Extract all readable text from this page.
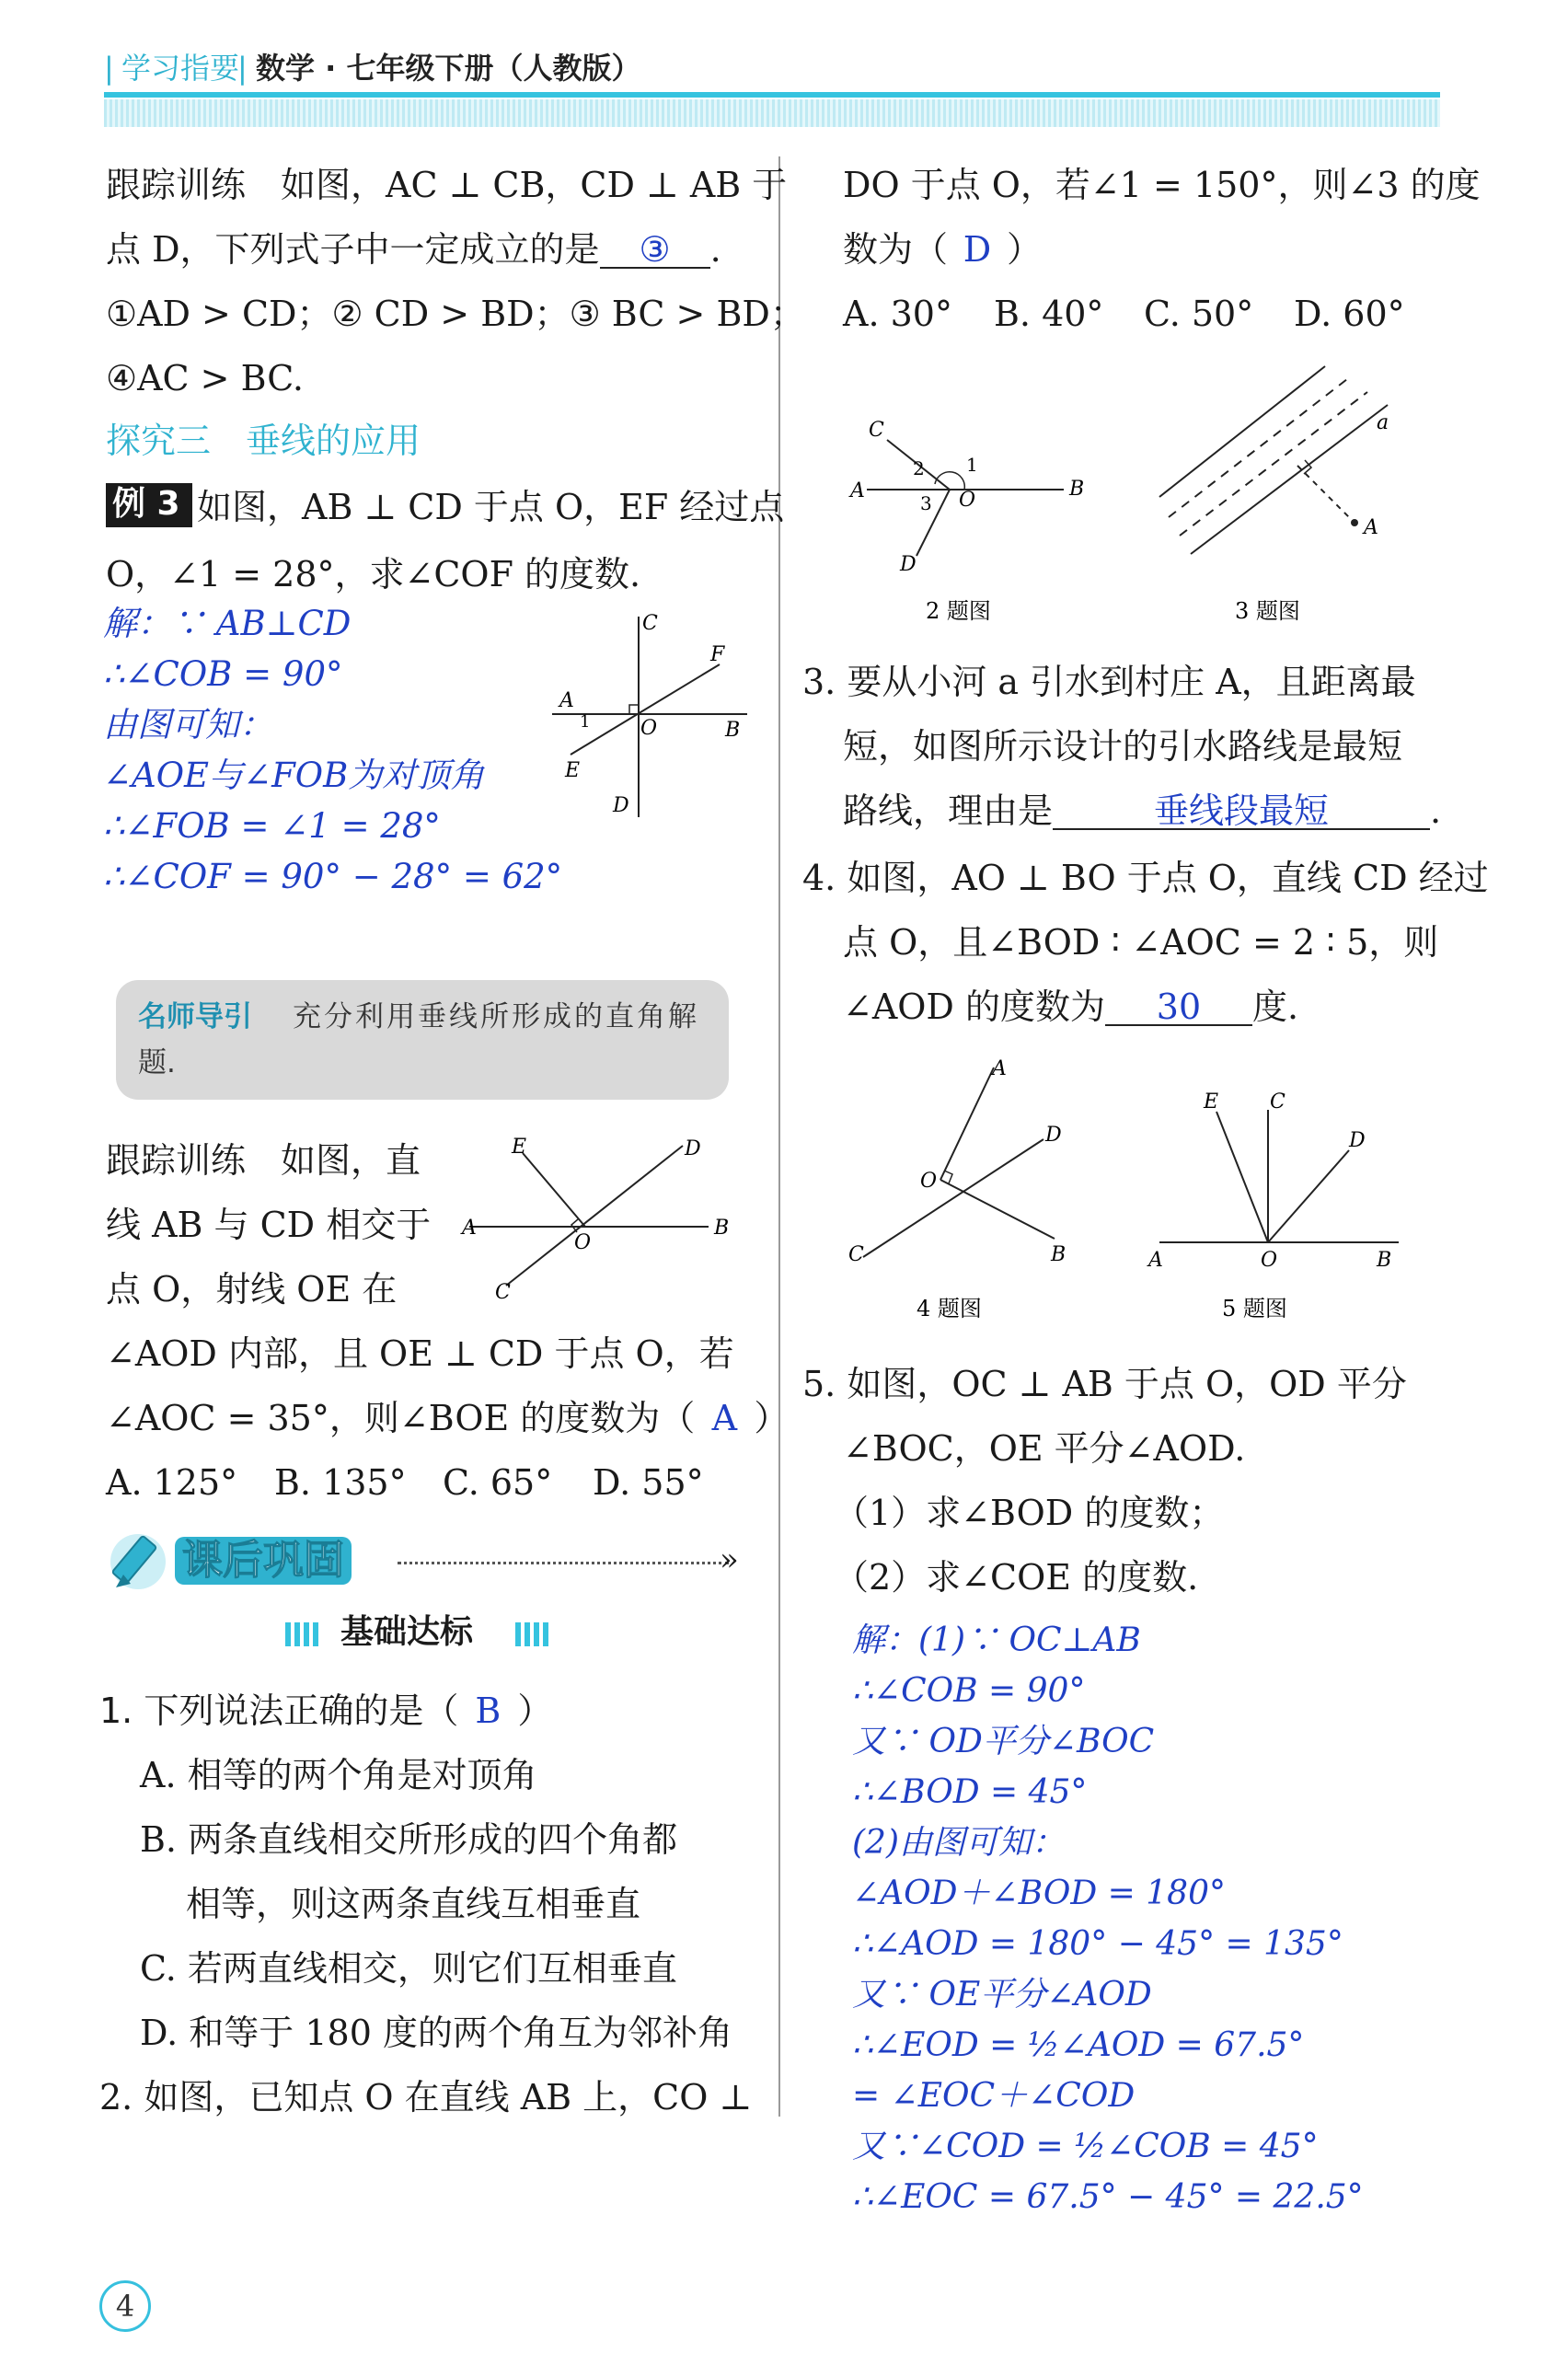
| 学习指要
| 数学 · 七年级下册（人教版）
跟踪训练　如图，AC ⊥ CB，CD ⊥ AB 于
点 D，下列式子中一定成立的是 ③ .
①AD > CD；② CD > BD；③ BC > BD；
④AC > BC.
探究三　垂线的应用
例 3 如图，AB ⊥ CD 于点 O，EF 经过点
O，∠1 = 28°，求∠COF 的度数.
解：∵ AB⊥CD
∴∠COB = 90°
由图可知：
∠AOE与∠FOB为对顶角
∴∠FOB = ∠1 = 28°
∴∠COF = 90° − 28° = 62°
C
F
A
1 O	B
E
D
名师导引 充分利用垂线所形成的直角解
题.
跟踪训练　如图，直
线 AB 与 CD 相交于
点 O，射线 OE 在
∠AOD 内部，且 OE ⊥ CD 于点 O，若
∠AOC = 35°，则∠BOE 的度数为（ A ）
A. 125° B. 135° C. 65° D. 55°
E	D
A
O
B
C
课后巩固	»
基础达标
1. 下列说法正确的是（ B ）
A. 相等的两个角是对顶角
B. 两条直线相交所形成的四个角都
相等，则这两条直线互相垂直
C. 若两直线相交，则它们互相垂直
D. 和等于 180 度的两个角互为邻补角
2. 如图，已知点 O 在直线 AB 上，CO ⊥
DO 于点 O，若∠1 = 150°，则∠3 的度
数为（ D ）
A. 30° B. 40° C. 50° D. 60°
C
2 1
A
3 O	B
D
2 题图
a
A
3 题图
3. 要从小河 a 引水到村庄 A，且距离最
短，如图所示设计的引水路线是最短
路线，理由是	垂线段最短	.
4. 如图，AO ⊥ BO 于点 O，直线 CD 经过
点 O，且∠BOD ∶ ∠AOC = 2 ∶ 5，则
∠AOD 的度数为 30 度.
A
D
O
C	B
4 题图
C
E
D
A	O	B
5 题图
5. 如图，OC ⊥ AB 于点 O，OD 平分
∠BOC，OE 平分∠AOD.
（1）求∠BOD 的度数；
（2）求∠COE 的度数.
解：(1)∵ OC⊥AB
∴∠COB = 90°
又∵ OD平分∠BOC
∴∠BOD = 45°
(2)由图可知：
∠AOD＋∠BOD = 180°
∴∠AOD = 180° − 45° = 135°
又∵ OE平分∠AOD
∴∠EOD = ½∠AOD = 67.5°
= ∠EOC＋∠COD
又∵∠COD = ½∠COB = 45°
∴∠EOC = 67.5° − 45° = 22.5°
4
